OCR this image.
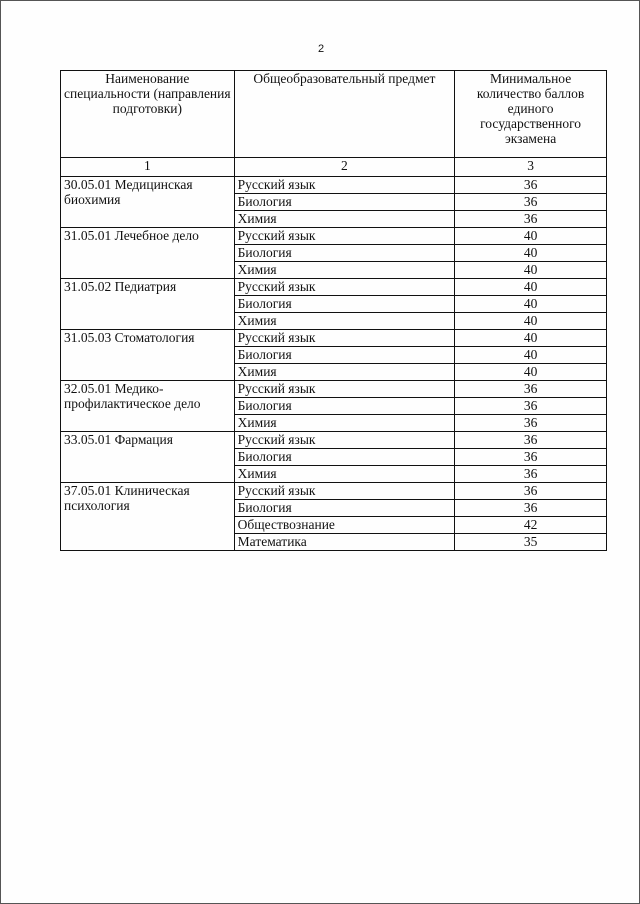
2
Наименование специальности (направления подготовки)	Общеобразовательный предмет	Минимальное количество баллов единого государственного экзамена
1	2	3
30.05.01 Медицинская биохимия	Русский язык	36
	Биология	36
	Химия	36
31.05.01 Лечебное дело	Русский язык	40
	Биология	40
	Химия	40
31.05.02 Педиатрия	Русский язык	40
	Биология	40
	Химия	40
31.05.03 Стоматология	Русский язык	40
	Биология	40
	Химия	40
32.05.01 Медико-профилактическое дело	Русский язык	36
	Биология	36
	Химия	36
33.05.01 Фармация	Русский язык	36
	Биология	36
	Химия	36
37.05.01 Клиническая психология	Русский язык	36
	Биология	36
	Обществознание	42
	Математика	35
